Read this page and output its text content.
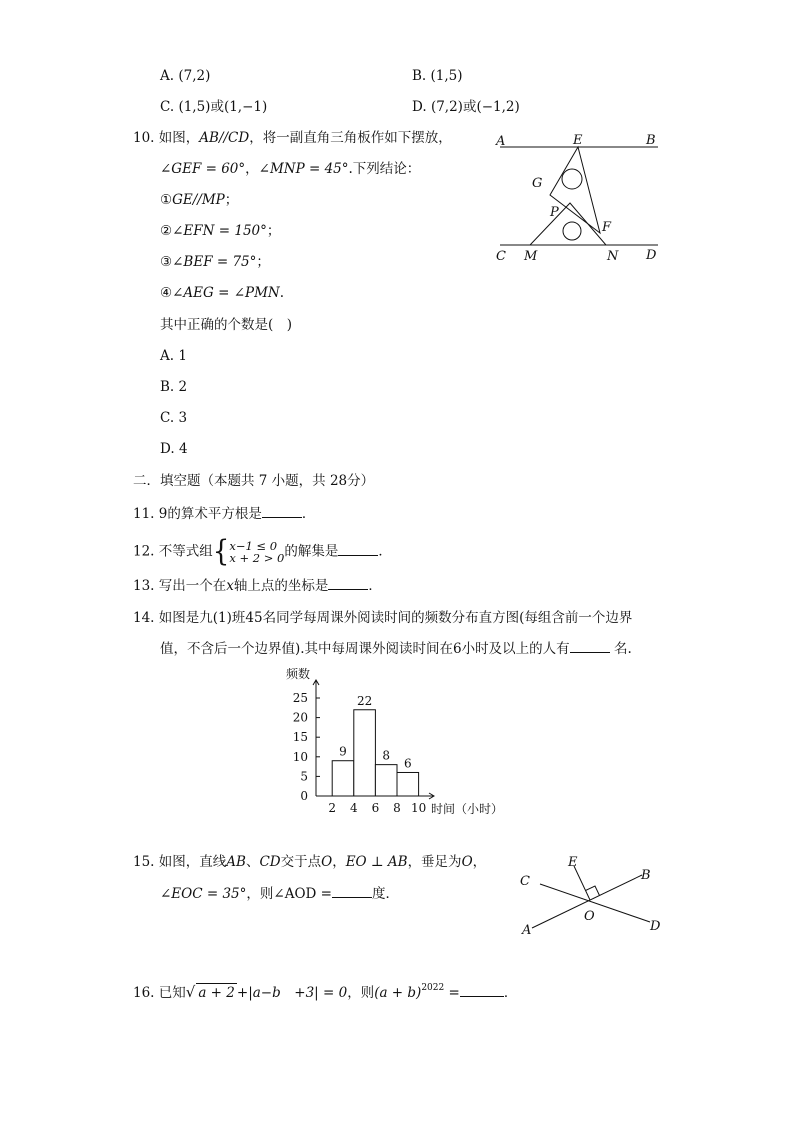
A. (7,2)	B. (1,5)
C. (1,5)或(1,−1)	D. (7,2)或(−1,2)
10. 如图，AB//CD，将一副直角三角板作如下摆放，
∠GEF = 60°，∠MNP = 45°.下列结论：
①GE//MP；
②∠EFN = 150°；
③∠BEF = 75°；
④∠AEG = ∠PMN.
其中正确的个数是(　)
A. 1
B. 2
C. 3
D. 4
A	E	B
G
P
F
C M	N D
二．填空题（本题共 7 小题，共 28分）
11. 9的算术平方根是	．
12. 不等式组{x−1 ≤ 0
x + 2 > 0的解集是	．
13. 写出一个在x轴上点的坐标是	．
14. 如图是九(1)班45名同学每周课外阅读时间的频数分布直方图(每组含前一个边界
值，不含后一个边界值).其中每周课外阅读时间在6小时及以上的人有	名.
0
5
10
15
20
25
2 4 6 8 10
9
22
8
6
频数
时间（小时）
15. 如图，直线AB、CD交于点O，EO ⊥ AB，垂足为O，
∠EOC = 35°，则∠AOD =	度．
E
B
C
O
A	D
16. 已知√ a + 2 +|a−b　+3| = 0，则$(a + b)^{2022}$ =	．
